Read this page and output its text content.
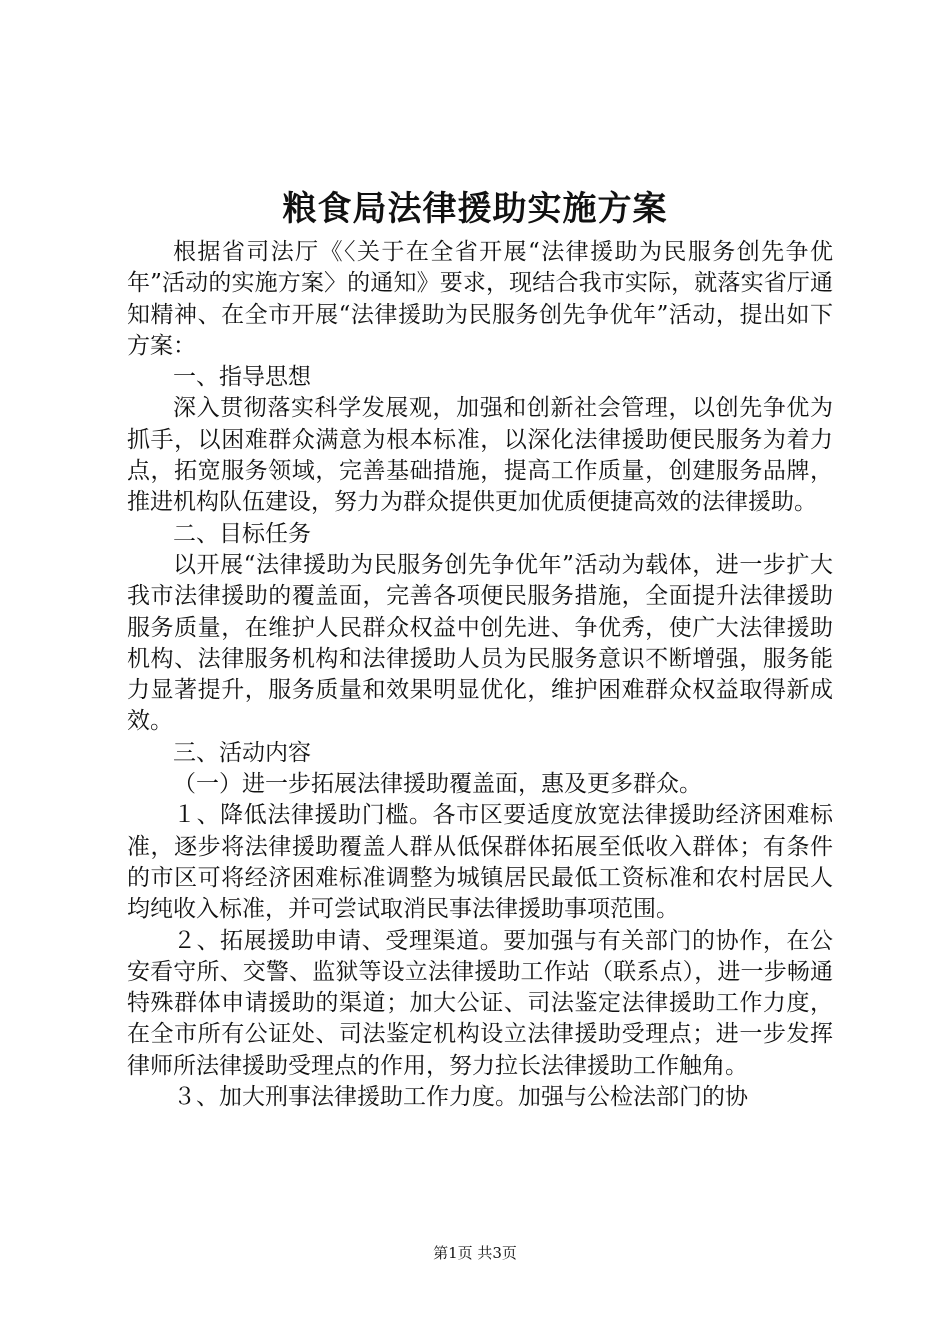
粮食局法律援助实施方案

根据省司法厅《〈关于在全省开展“法律援助为民服务创先争优年”活动的实施方案〉的通知》要求，现结合我市实际，就落实省厅通知精神、在全市开展“法律援助为民服务创先争优年”活动，提出如下方案：

一、指导思想

深入贯彻落实科学发展观，加强和创新社会管理，以创先争优为抓手，以困难群众满意为根本标准，以深化法律援助便民服务为着力点，拓宽服务领域，完善基础措施，提高工作质量，创建服务品牌，推进机构队伍建设，努力为群众提供更加优质便捷高效的法律援助。

二、目标任务

以开展“法律援助为民服务创先争优年”活动为载体，进一步扩大我市法律援助的覆盖面，完善各项便民服务措施，全面提升法律援助服务质量，在维护人民群众权益中创先进、争优秀，使广大法律援助机构、法律服务机构和法律援助人员为民服务意识不断增强，服务能力显著提升，服务质量和效果明显优化，维护困难群众权益取得新成效。

三、活动内容

（一）进一步拓展法律援助覆盖面，惠及更多群众。

１、降低法律援助门槛。各市区要适度放宽法律援助经济困难标准，逐步将法律援助覆盖人群从低保群体拓展至低收入群体；有条件的市区可将经济困难标准调整为城镇居民最低工资标准和农村居民人均纯收入标准，并可尝试取消民事法律援助事项范围。

２、拓展援助申请、受理渠道。要加强与有关部门的协作，在公安看守所、交警、监狱等设立法律援助工作站（联系点），进一步畅通特殊群体申请援助的渠道；加大公证、司法鉴定法律援助工作力度，在全市所有公证处、司法鉴定机构设立法律援助受理点；进一步发挥律师所法律援助受理点的作用，努力拉长法律援助工作触角。

３、加大刑事法律援助工作力度。加强与公检法部门的协

第1页 共3页
